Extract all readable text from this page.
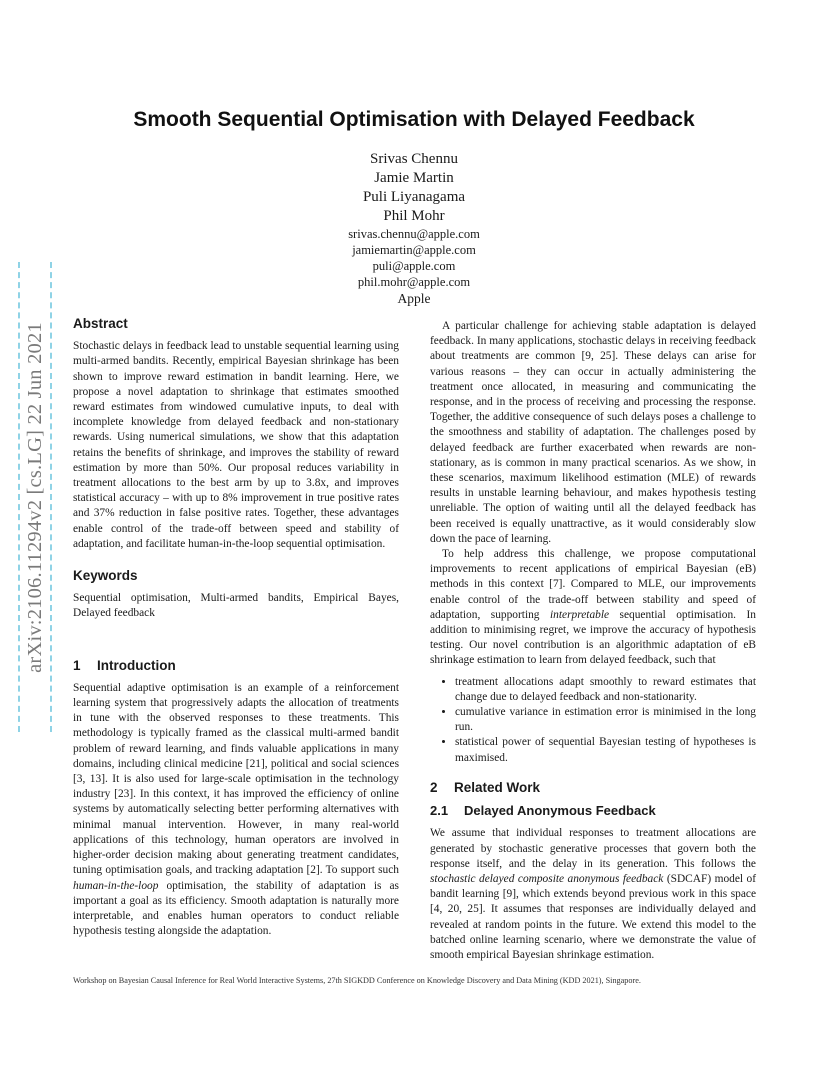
arXiv:2106.11294v2 [cs.LG] 22 Jun 2021
Smooth Sequential Optimisation with Delayed Feedback
Srivas Chennu
Jamie Martin
Puli Liyanagama
Phil Mohr
srivas.chennu@apple.com
jamiemartin@apple.com
puli@apple.com
phil.mohr@apple.com
Apple
Abstract

Stochastic delays in feedback lead to unstable sequential learning using multi-armed bandits. Recently, empirical Bayesian shrinkage has been shown to improve reward estimation in bandit learning. Here, we propose a novel adaptation to shrinkage that estimates smoothed reward estimates from windowed cumulative inputs, to deal with incomplete knowledge from delayed feedback and non-stationary rewards. Using numerical simulations, we show that this adaptation retains the benefits of shrinkage, and improves the stability of reward estimation by more than 50%. Our proposal reduces variability in treatment allocations to the best arm by up to 3.8x, and improves statistical accuracy – with up to 8% improvement in true positive rates and 37% reduction in false positive rates. Together, these advantages enable control of the trade-off between speed and stability of adaptation, and facilitate human-in-the-loop sequential optimisation.

Keywords

Sequential optimisation, Multi-armed bandits, Empirical Bayes, Delayed feedback

1 Introduction

Sequential adaptive optimisation is an example of a reinforcement learning system that progressively adapts the allocation of treatments in tune with the observed responses to these treatments. This methodology is typically framed as the classical multi-armed bandit problem of reward learning, and finds valuable applications in many domains, including clinical medicine [21], political and social sciences [3, 13]. It is also used for large-scale optimisation in the technology industry [23]. In this context, it has improved the efficiency of online systems by automatically selecting better performing alternatives with minimal manual intervention. However, in many real-world applications of this technology, human operators are involved in higher-order decision making about generating treatment candidates, tuning optimisation goals, and tracking adaptation [2]. To support such human-in-the-loop optimisation, the stability of adaptation is as important a goal as its efficiency. Smooth adaptation is naturally more interpretable, and enables human operators to conduct reliable hypothesis testing alongside the adaptation.

A particular challenge for achieving stable adaptation is delayed feedback. In many applications, stochastic delays in receiving feedback about treatments are common [9, 25]. These delays can arise for various reasons – they can occur in actually administering the treatment once allocated, in measuring and communicating the response, and in the process of receiving and processing the response. Together, the additive consequence of such delays poses a challenge to the smoothness and stability of adaptation. The challenges posed by delayed feedback are further exacerbated when rewards are non-stationary, as is common in many practical scenarios. As we show, in these scenarios, maximum likelihood estimation (MLE) of rewards results in unstable learning behaviour, and makes hypothesis testing unreliable. The option of waiting until all the delayed feedback has been received is equally unattractive, as it would considerably slow down the pace of learning.

To help address this challenge, we propose computational improvements to recent applications of empirical Bayesian (eB) methods in this context [7]. Compared to MLE, our improvements enable control of the trade-off between stability and speed of adaptation, supporting interpretable sequential optimisation. In addition to minimising regret, we improve the accuracy of hypothesis testing. Our novel contribution is an algorithmic adaptation of eB shrinkage estimation to learn from delayed feedback, such that

• treatment allocations adapt smoothly to reward estimates that change due to delayed feedback and non-stationarity.
• cumulative variance in estimation error is minimised in the long run.
• statistical power of sequential Bayesian testing of hypotheses is maximised.
2 Related Work
2.1 Delayed Anonymous Feedback

We assume that individual responses to treatment allocations are generated by stochastic generative processes that govern both the response itself, and the delay in its generation. This follows the stochastic delayed composite anonymous feedback (SDCAF) model of bandit learning [9], which extends beyond previous work in this space [4, 20, 25]. It assumes that responses are individually delayed and revealed at random points in the future. We extend this model to the batched online learning scenario, where we demonstrate the value of smooth empirical Bayesian shrinkage estimation.

Workshop on Bayesian Causal Inference for Real World Interactive Systems, 27th SIGKDD Conference on Knowledge Discovery and Data Mining (KDD 2021), Singapore.
